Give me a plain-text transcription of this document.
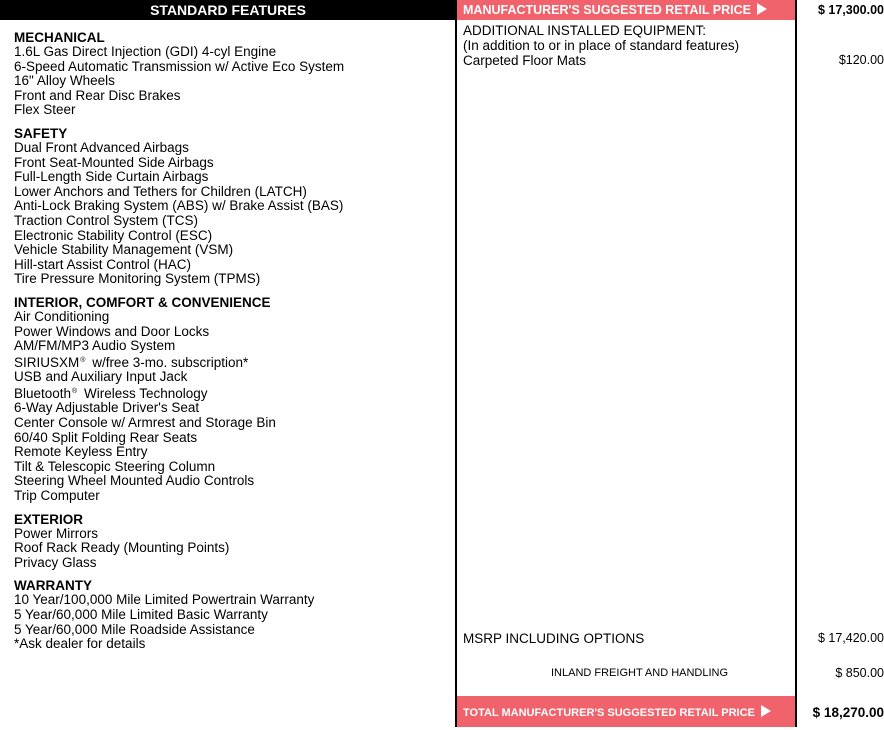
STANDARD FEATURES	MANUFACTURER'S SUGGESTED RETAIL PRICE	$ 17,300.00
MECHANICAL
1.6L Gas Direct Injection (GDI) 4-cyl Engine
6-Speed Automatic Transmission w/ Active Eco System
16" Alloy Wheels
Front and Rear Disc Brakes
Flex Steer
SAFETY
Dual Front Advanced Airbags
Front Seat-Mounted Side Airbags
Full-Length Side Curtain Airbags
Lower Anchors and Tethers for Children (LATCH)
Anti-Lock Braking System (ABS) w/ Brake Assist (BAS)
Traction Control System (TCS)
Electronic Stability Control (ESC)
Vehicle Stability Management (VSM)
Hill-start Assist Control (HAC)
Tire Pressure Monitoring System (TPMS)
INTERIOR, COMFORT & CONVENIENCE
Air Conditioning
Power Windows and Door Locks
AM/FM/MP3 Audio System
SIRIUSXM® w/free 3-mo. subscription*
USB and Auxiliary Input Jack
Bluetooth® Wireless Technology
6-Way Adjustable Driver's Seat
Center Console w/ Armrest and Storage Bin
60/40 Split Folding Rear Seats
Remote Keyless Entry
Tilt & Telescopic Steering Column
Steering Wheel Mounted Audio Controls
Trip Computer
EXTERIOR
Power Mirrors
Roof Rack Ready (Mounting Points)
Privacy Glass
WARRANTY
10 Year/100,000 Mile Limited Powertrain Warranty
5 Year/60,000 Mile Limited Basic Warranty
5 Year/60,000 Mile Roadside Assistance
*Ask dealer for details
ADDITIONAL INSTALLED EQUIPMENT:
(In addition to or in place of standard features)
Carpeted Floor Mats	$120.00
MSRP INCLUDING OPTIONS	$ 17,420.00
INLAND FREIGHT AND HANDLING	$ 850.00
TOTAL MANUFACTURER'S SUGGESTED RETAIL PRICE	$ 18,270.00
